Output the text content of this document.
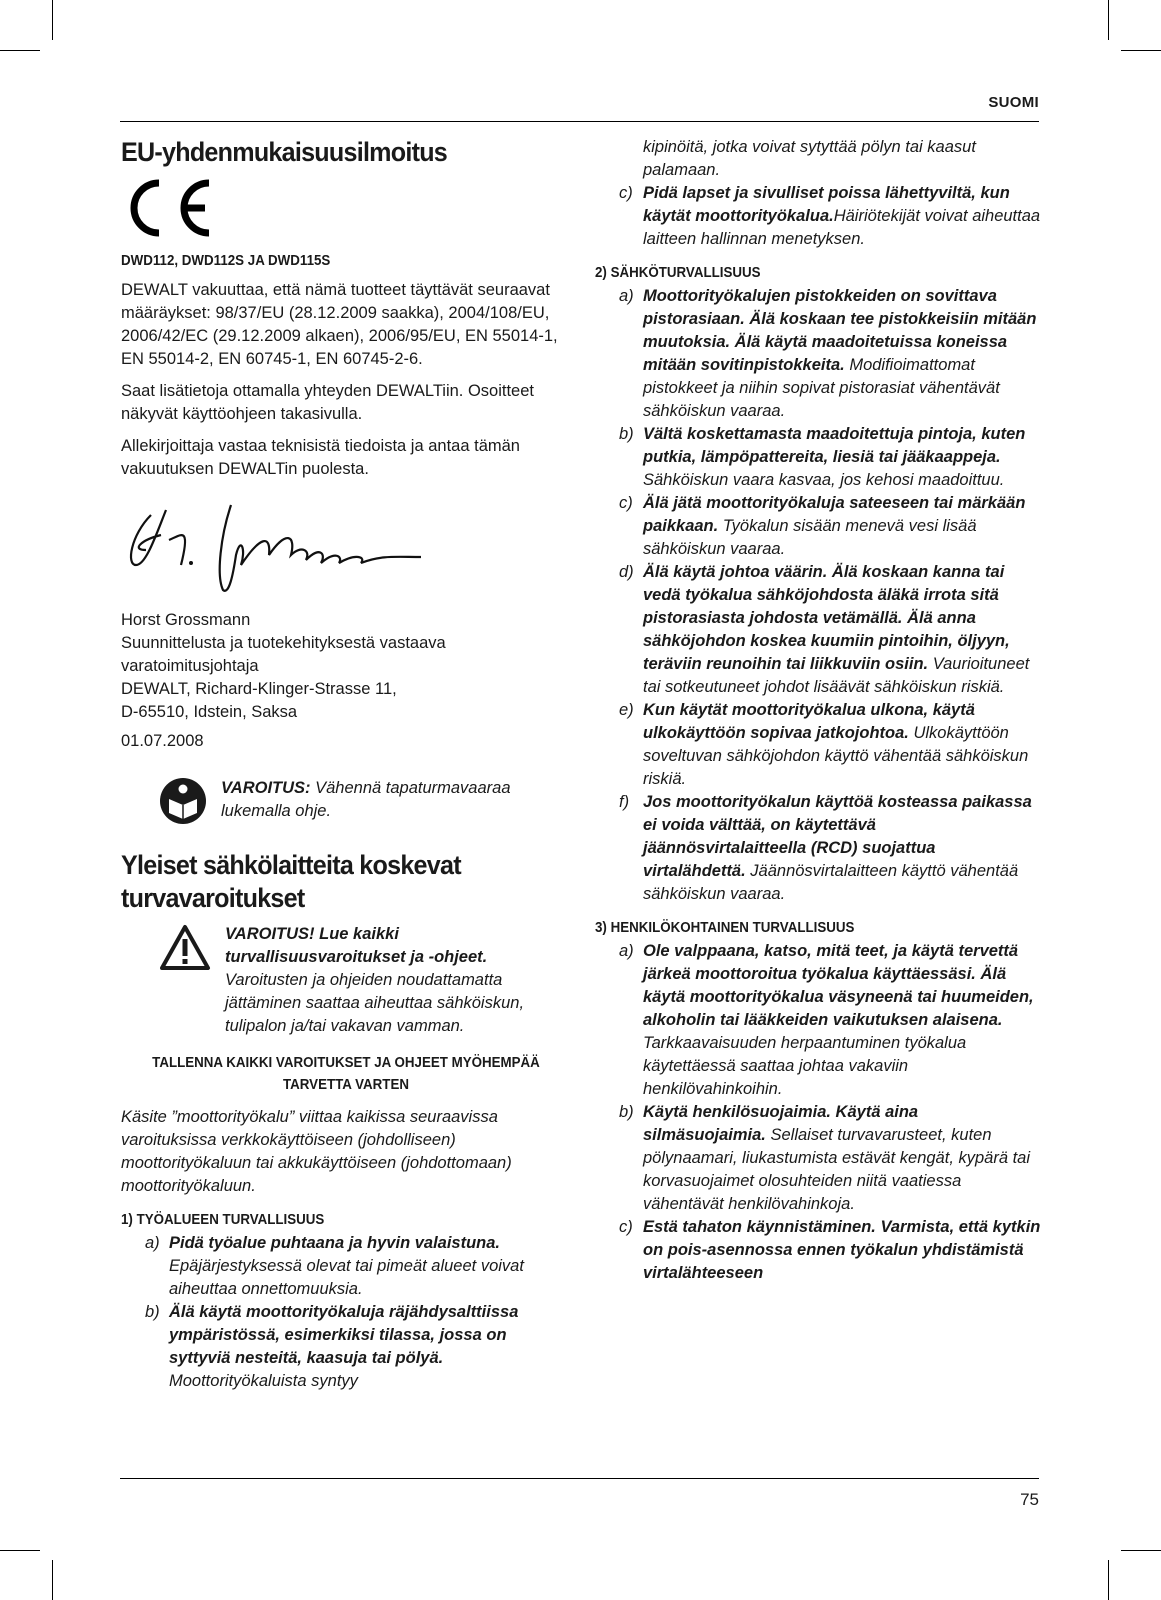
SUOMI
EU-yhdenmukaisuusilmoitus
DWD112, DWD112S JA DWD115S

DEWALT vakuuttaa, että nämä tuotteet täyttävät seuraavat määräykset: 98/37/EU (28.12.2009 saakka), 2004/108/EU, 2006/42/EC (29.12.2009 alkaen), 2006/95/EU, EN 55014-1, EN 55014-2, EN 60745-1, EN 60745-2-6.

Saat lisätietoja ottamalla yhteyden DEWALTiin. Osoitteet näkyvät käyttöohjeen takasivulla.

Allekirjoittaja vastaa teknisistä tiedoista ja antaa tämän vakuutuksen DEWALTin puolesta.

Horst Grossmann

Suunnittelusta ja tuotekehityksestä vastaava
varatoimitusjohtaja
DEWALT, Richard-Klinger-Strasse 11,
D-65510, Idstein, Saksa

01.07.2008

VAROITUS: Vähennä tapaturmavaaraa lukemalla ohje.
Yleiset sähkölaitteita koskevat turvavaroitukset
VAROITUS! Lue kaikki turvallisuusvaroitukset ja -ohjeet. Varoitusten ja ohjeiden noudattamatta jättäminen saattaa aiheuttaa sähköiskun, tulipalon ja/tai vakavan vamman.
TALLENNA KAIKKI VAROITUKSET JA OHJEET MYÖHEMPÄÄ TARVETTA VARTEN
Käsite ”moottorityökalu” viittaa kaikissa seuraavissa varoituksissa verkkokäyttöiseen (johdolliseen) moottorityökaluun tai akkukäyttöiseen (johdottomaan) moottorityökaluun.
1) TYÖALUEEN TURVALLISUUS
a) Pidä työalue puhtaana ja hyvin valaistuna. Epäjärjestyksessä olevat tai pimeät alueet voivat aiheuttaa onnettomuuksia.
b) Älä käytä moottorityökaluja räjähdysalttiissa ympäristössä, esimerkiksi tilassa, jossa on syttyviä nesteitä, kaasuja tai pölyä. Moottorityökaluista syntyy
kipinöitä, jotka voivat sytyttää pölyn tai kaasut palamaan.
c) Pidä lapset ja sivulliset poissa lähettyviltä, kun käytät moottorityökalua.Häiriötekijät voivat aiheuttaa laitteen hallinnan menetyksen.
2) SÄHKÖTURVALLISUUS
a) Moottorityökalujen pistokkeiden on sovittava pistorasiaan. Älä koskaan tee pistokkeisiin mitään muutoksia. Älä käytä maadoitetuissa koneissa mitään sovitinpistokkeita. Modifioimattomat pistokkeet ja niihin sopivat pistorasiat vähentävät sähköiskun vaaraa.
b) Vältä koskettamasta maadoitettuja pintoja, kuten putkia, lämpöpattereita, liesiä tai jääkaappeja. Sähköiskun vaara kasvaa, jos kehosi maadoittuu.
c) Älä jätä moottorityökaluja sateeseen tai märkään paikkaan. Työkalun sisään menevä vesi lisää sähköiskun vaaraa.
d) Älä käytä johtoa väärin. Älä koskaan kanna tai vedä työkalua sähköjohdosta äläkä irrota sitä pistorasiasta johdosta vetämällä. Älä anna sähköjohdon koskea kuumiin pintoihin, öljyyn, teräviin reunoihin tai liikkuviin osiin. Vaurioituneet tai sotkeutuneet johdot lisäävät sähköiskun riskiä.
e) Kun käytät moottorityökalua ulkona, käytä ulkokäyttöön sopivaa jatkojohtoa. Ulkokäyttöön soveltuvan sähköjohdon käyttö vähentää sähköiskun riskiä.
f) Jos moottorityökalun käyttöä kosteassa paikassa ei voida välttää, on käytettävä jäännösvirtalaitteella (RCD) suojattua virtalähdettä. Jäännösvirtalaitteen käyttö vähentää sähköiskun vaaraa.
3) HENKILÖKOHTAINEN TURVALLISUUS
a) Ole valppaana, katso, mitä teet, ja käytä tervettä järkeä moottoroitua työkalua käyttäessäsi. Älä käytä moottorityökalua väsyneenä tai huumeiden, alkoholin tai lääkkeiden vaikutuksen alaisena. Tarkkaavaisuuden herpaantuminen työkalua käytettäessä saattaa johtaa vakaviin henkilövahinkoihin.
b) Käytä henkilösuojaimia. Käytä aina silmäsuojaimia. Sellaiset turvavarusteet, kuten pölynaamari, liukastumista estävät kengät, kypärä tai korvasuojaimet olosuhteiden niitä vaatiessa vähentävät henkilövahinkoja.
c) Estä tahaton käynnistäminen. Varmista, että kytkin on pois-asennossa ennen työkalun yhdistämistä virtalähteeseen
75
